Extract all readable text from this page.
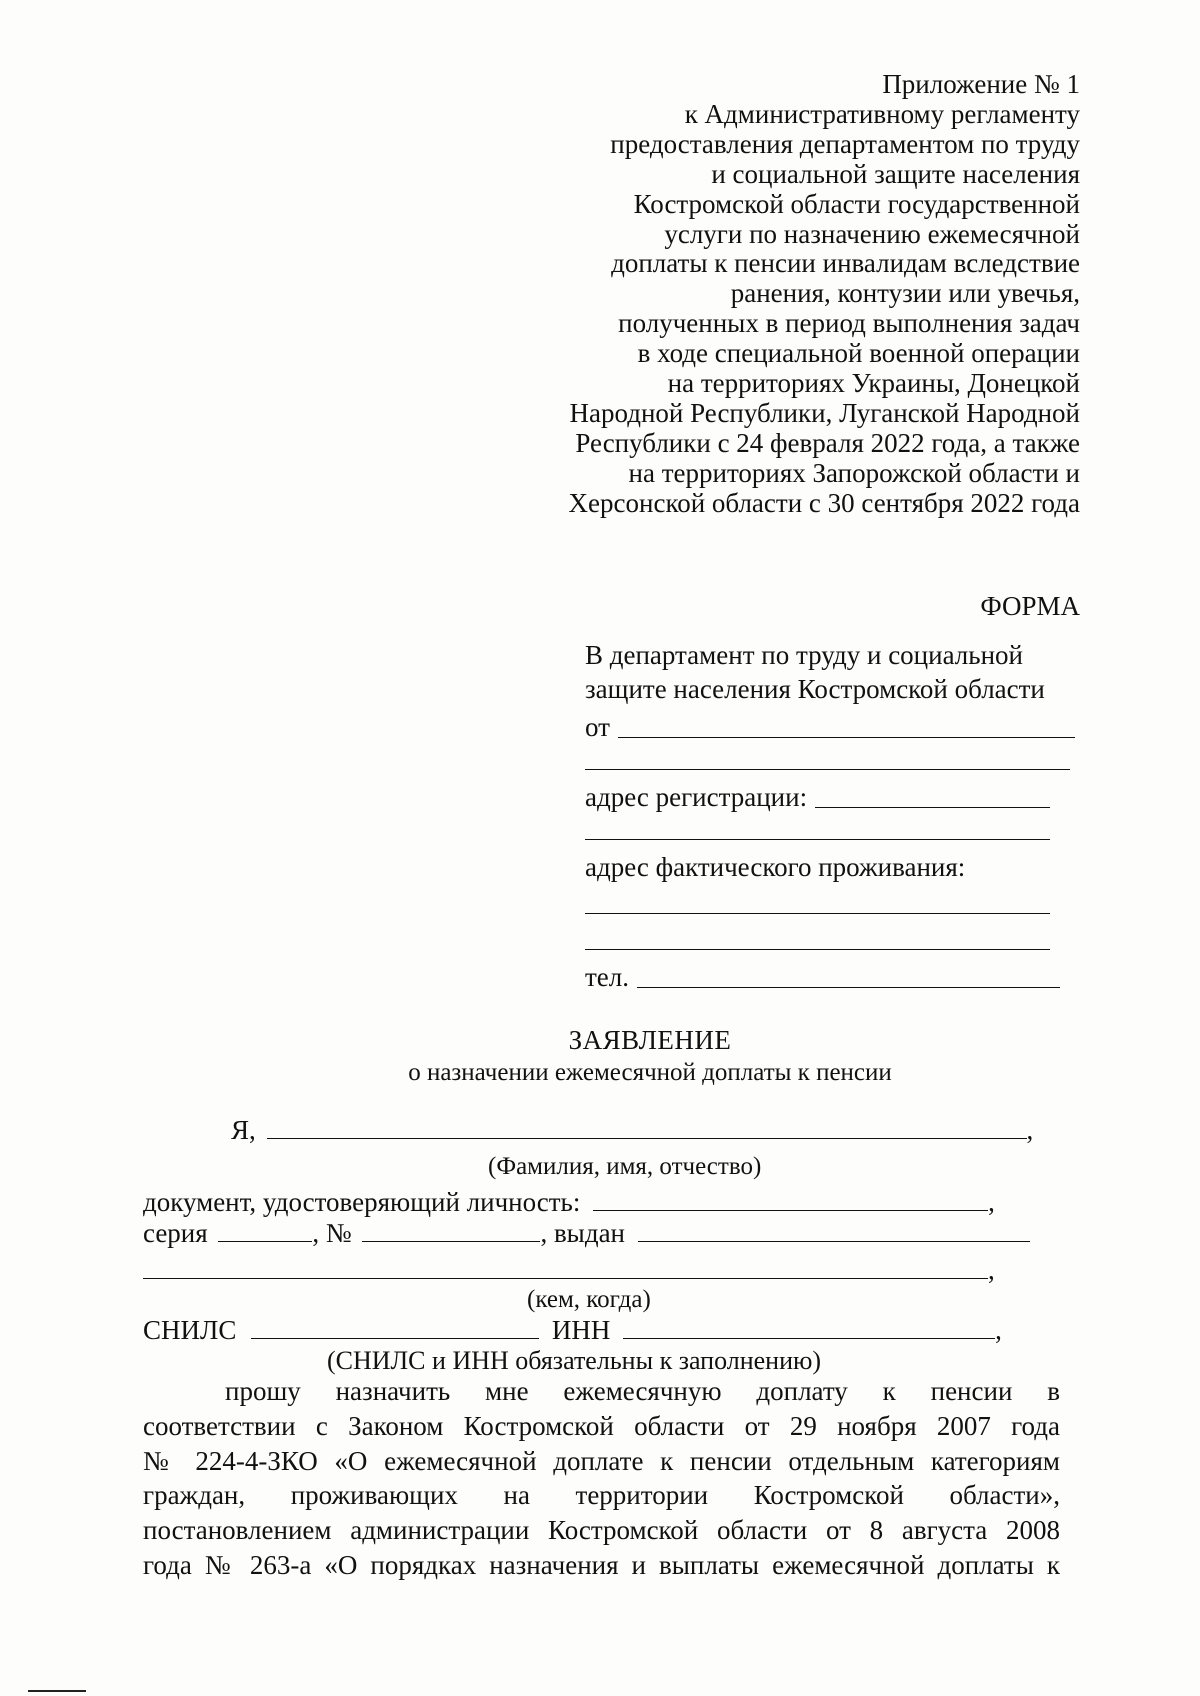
Приложение № 1
к Административному регламенту
предоставления департаментом по труду
и социальной защите населения
Костромской области государственной
услуги по назначению ежемесячной
доплаты к пенсии инвалидам вследствие
ранения, контузии или увечья,
полученных в период выполнения задач
в ходе специальной военной операции
на территориях Украины, Донецкой
Народной Республики, Луганской Народной
Республики с 24 февраля 2022 года, а также
на территориях Запорожской области и
Херсонской области с 30 сентября 2022 года
ФОРМА
В департамент по труду и социальной
защите населения Костромской области
от
адрес регистрации:
адрес фактического проживания:
тел.
ЗАЯВЛЕНИЕ
о назначении ежемесячной доплаты к пенсии
Я,	,
(Фамилия, имя, отчество)
документ, удостоверяющий личность:	,
серия	, №	, выдан
,
(кем, когда)
СНИЛС	ИНН	,
(СНИЛС и ИНН обязательны к заполнению)
прошу назначить мне ежемесячную доплату к пенсии в
соответствии с Законом Костромской области от 29 ноября 2007 года
№ 224-4-ЗКО «О ежемесячной доплате к пенсии отдельным категориям
граждан, проживающих на территории Костромской области»,
постановлением администрации Костромской области от 8 августа 2008
года № 263-а «О порядках назначения и выплаты ежемесячной доплаты к
